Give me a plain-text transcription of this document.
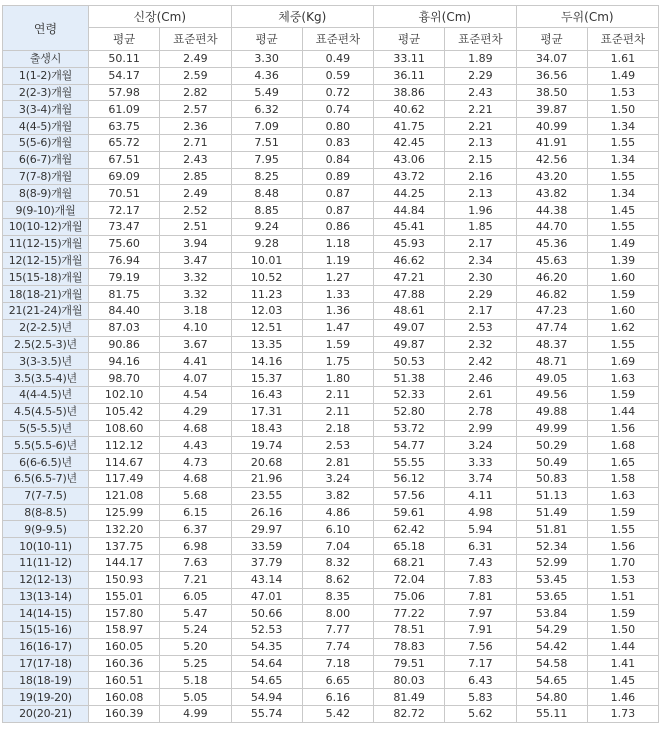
연령	신장(Cm)		체중(Kg)		흉위(Cm)		두위(Cm)	
	평균	표준편차	평균	표준편차	평균	표준편차	평균	표준편차
출생시	50.11	2.49	3.30	0.49	33.11	1.89	34.07	1.61
1(1-2)개월	54.17	2.59	4.36	0.59	36.11	2.29	36.56	1.49
2(2-3)개월	57.98	2.82	5.49	0.72	38.86	2.43	38.50	1.53
3(3-4)개월	61.09	2.57	6.32	0.74	40.62	2.21	39.87	1.50
4(4-5)개월	63.75	2.36	7.09	0.80	41.75	2.21	40.99	1.34
5(5-6)개월	65.72	2.71	7.51	0.83	42.45	2.13	41.91	1.55
6(6-7)개월	67.51	2.43	7.95	0.84	43.06	2.15	42.56	1.34
7(7-8)개월	69.09	2.85	8.25	0.89	43.72	2.16	43.20	1.55
8(8-9)개월	70.51	2.49	8.48	0.87	44.25	2.13	43.82	1.34
9(9-10)개월	72.17	2.52	8.85	0.87	44.84	1.96	44.38	1.45
10(10-12)개월	73.47	2.51	9.24	0.86	45.41	1.85	44.70	1.55
11(12-15)개월	75.60	3.94	9.28	1.18	45.93	2.17	45.36	1.49
12(12-15)개월	76.94	3.47	10.01	1.19	46.62	2.34	45.63	1.39
15(15-18)개월	79.19	3.32	10.52	1.27	47.21	2.30	46.20	1.60
18(18-21)개월	81.75	3.32	11.23	1.33	47.88	2.29	46.82	1.59
21(21-24)개월	84.40	3.18	12.03	1.36	48.61	2.17	47.23	1.60
2(2-2.5)년	87.03	4.10	12.51	1.47	49.07	2.53	47.74	1.62
2.5(2.5-3)년	90.86	3.67	13.35	1.59	49.87	2.32	48.37	1.55
3(3-3.5)년	94.16	4.41	14.16	1.75	50.53	2.42	48.71	1.69
3.5(3.5-4)년	98.70	4.07	15.37	1.80	51.38	2.46	49.05	1.63
4(4-4.5)년	102.10	4.54	16.43	2.11	52.33	2.61	49.56	1.59
4.5(4.5-5)년	105.42	4.29	17.31	2.11	52.80	2.78	49.88	1.44
5(5-5.5)년	108.60	4.68	18.43	2.18	53.72	2.99	49.99	1.56
5.5(5.5-6)년	112.12	4.43	19.74	2.53	54.77	3.24	50.29	1.68
6(6-6.5)년	114.67	4.73	20.68	2.81	55.55	3.33	50.49	1.65
6.5(6.5-7)년	117.49	4.68	21.96	3.24	56.12	3.74	50.83	1.58
7(7-7.5)	121.08	5.68	23.55	3.82	57.56	4.11	51.13	1.63
8(8-8.5)	125.99	6.15	26.16	4.86	59.61	4.98	51.49	1.59
9(9-9.5)	132.20	6.37	29.97	6.10	62.42	5.94	51.81	1.55
10(10-11)	137.75	6.98	33.59	7.04	65.18	6.31	52.34	1.56
11(11-12)	144.17	7.63	37.79	8.32	68.21	7.43	52.99	1.70
12(12-13)	150.93	7.21	43.14	8.62	72.04	7.83	53.45	1.53
13(13-14)	155.01	6.05	47.01	8.35	75.06	7.81	53.65	1.51
14(14-15)	157.80	5.47	50.66	8.00	77.22	7.97	53.84	1.59
15(15-16)	158.97	5.24	52.53	7.77	78.51	7.91	54.29	1.50
16(16-17)	160.05	5.20	54.35	7.74	78.83	7.56	54.42	1.44
17(17-18)	160.36	5.25	54.64	7.18	79.51	7.17	54.58	1.41
18(18-19)	160.51	5.18	54.65	6.65	80.03	6.43	54.65	1.45
19(19-20)	160.08	5.05	54.94	6.16	81.49	5.83	54.80	1.46
20(20-21)	160.39	4.99	55.74	5.42	82.72	5.62	55.11	1.73
